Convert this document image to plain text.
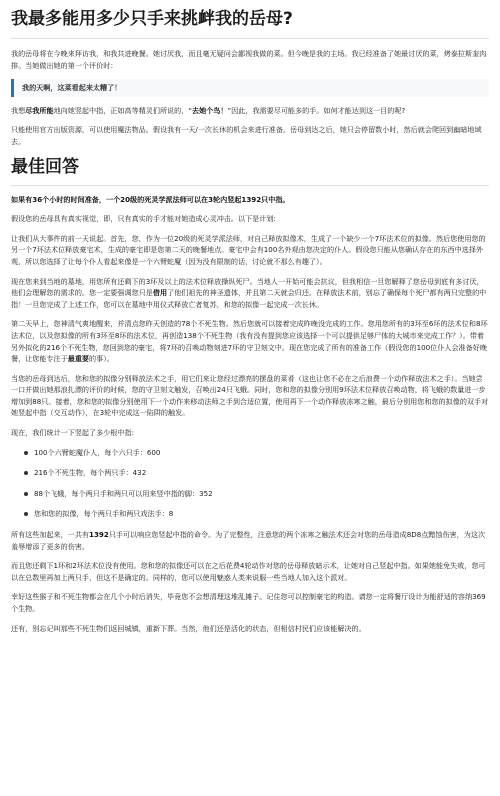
我最多能用多少只手来挑衅我的岳母?

我的岳母将在今晚来拜访我，和我共进晚餐。她讨厌我，而且毫无疑问会鄙视我做的菜。但今晚是我的主场。我已经准备了她最讨厌的菜，烤泰拉斯奎肉排。当她做出她的第一个评价时：

我的天啊，这菜看起来太糟了！

我想尽我所能地向她竖起中指，正如高等精灵们所说的，“去她个鸟！”因此，我需要尽可能多的手。如何才能达到这一目的呢?

只能使用官方出版资源，可以使用魔法物品。假设我有一天/一次长休的机会来进行准备。岳母到达之后，她只会停留数小时，然后就会爬回到幽暗地域去。

最佳回答

如果有36个小时的时间准备，一个20级的死灵学派法师可以在3轮内竖起1392只中指。

假设您的岳母具有真实视觉，即，只有真实的手才能对她造成心灵冲击。以下是计划:

让我们从大事件的前一天说起。首先，您，作为一位20级的死灵学派法师，对自己释放拟像术，生成了一个缺少一个7环法术位的拟像。然后您使用您的另一个7环法术位释放豪宅术，生成的豪宅即是您第二天的晚餐地点。豪宅中会有100名外观由您决定的仆人。假设您只能从您确认存在的东西中选择外观，所以您选择了让每个仆人看起来像是一个六臂蛇魔（因为没有限制的话，讨论就不那么有趣了）。

现在您来到当地的墓地，用您所有还剩下的3环及以上的法术位释放操纵死尸。当地人一开始可能会抗议，但我相信一旦您解释了您岳母到底有多讨厌，他们会理解您的需求的。您一定要强调您只是借用了他们祖先的神圣遗体，并且第二天就会归还。在释放法术前，别忘了确保每个死尸都有两只完整的中指！一旦您完成了上述工作，您可以在墓地中用仪式释放亡者复苏，和您的拟像一起完成一次长休。

第二天早上，您神清气爽地醒来，并清点您昨天创造的78个不死生物。然后您就可以接着完成昨晚没完成的工作。您用您所有的3环至6环的法术位和8环法术位，以及您拟像的所有3环至8环的法术位，再创造138个不死生物（我有没有提到您应该选择一个可以提供足够尸体的大城市来完成工作？）。带着另外拟化的216个不死生物，您回到您的豪宅，将7环的召唤动物刻进7环的守卫刻文中。现在您完成了所有的准备工作（假设您的100位仆人会准备好晚餐，让您能专注于最重要的事）。

当您的岳母到达后，您和您的拟像分别释放法术之手，用它们来让您经过漂亮的摆盘的菜肴（这也让您不必在之后浪费一个动作释放法术之手）。当她尝一口并做出她那浪扎漂的评价的时候，您的守卫刻文触发，召唤出24只飞蛾。同时，您和您的拟像分别用9环法术位释放召唤动物，将飞蛾的数量进一步增加到88只。接着，您和您的拟像分别使用下一个动作来移动法师之手到合适位置，使用再下一个动作释放冻寒之触，最后分别用您和您的拟像的双手对她竖起中指（交互动作），在3轮中完成这一陷阱的触发。

现在，我们统计一下竖起了多少根中指:

100个六臂蛇魔仆人，每个六只手：600
216个不死生物，每个两只手：432
88个飞蛾，每个两只手和两只可以用来竖中指的脚：352
您和您的拟像，每个两只手和两只戏法手：8

所有这些加起来，一共有1392只手可以响应您竖起中指的命令。为了完整性，注意您的两个冻寒之触法术还会对您的岳母造成8D8点黯蚀伤害，为这次羞辱增添了更多的伤害。

而且您还剩下1环和2环法术位没有使用。您和您的拟像还可以在之后花费4轮动作对您的岳母释放暗示术，让她对自己竖起中指。如果她能免失败，您可以在总数里再加上两只手，但这不是确定的。同样的，您可以使用魅惑人类来说服一些当地人加入这个派对。

幸好这些猴子和不死生物都会在几个小时后消失，毕竟您不会想清理这堆乱摊子。记住您可以控制豪宅的构造。请您一定将餐厅设计为能舒适的容纳369个生物。

还有，别忘记叫那些不死生物们返回城镇，重新下葬。当然，他们还是活化的状态，但相信村民们应该能解决的。
